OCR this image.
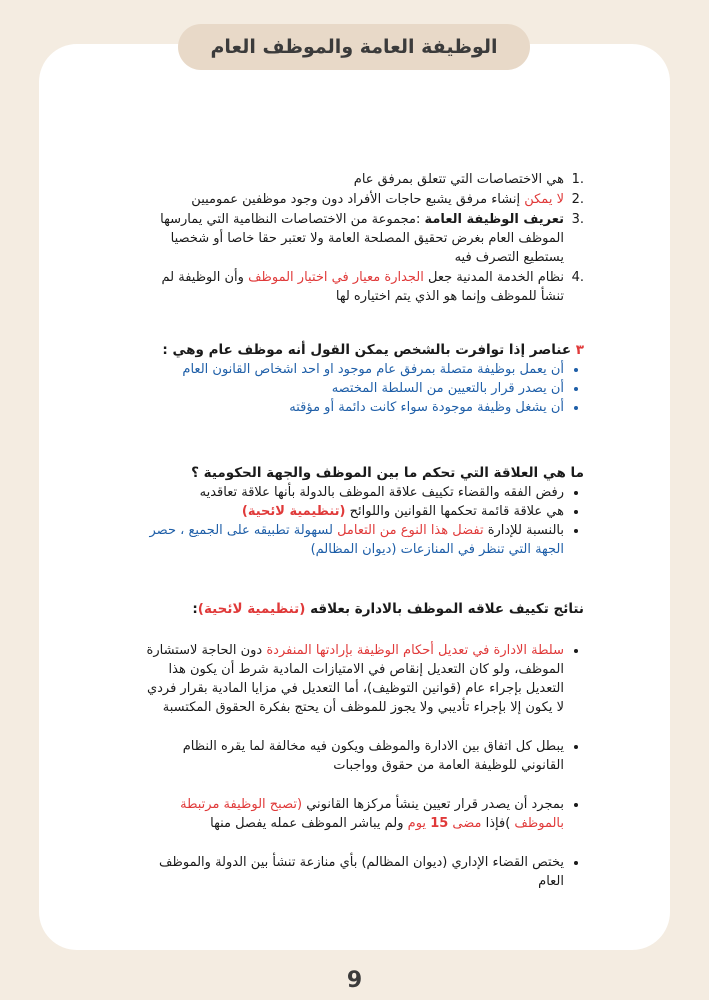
الوظيفة العامة والموظف العام
.1
هي الاختصاصات التي تتعلق بمرفق عام
.2
لا يمكن إنشاء مرفق يشبع حاجات الأفراد دون وجود موظفين عموميين
.3
تعريف الوظيفة العامة :مجموعة من الاختصاصات النظامية التي يمارسها الموظف العام بغرض تحقيق المصلحة العامة ولا تعتبر حقا خاصا أو شخصيا يستطيع التصرف فيه
.4
نظام الخدمة المدنية جعل الجدارة معيار في اختيار الموظف وأن الوظيفة لم تنشأ للموظف وإنما هو الذي يتم اختياره لها
٣ عناصر إذا توافرت بالشخص يمكن القول أنه موظف عام وهي :
• أن يعمل بوظيفة متصلة بمرفق عام موجود او احد اشخاص القانون العام
• أن يصدر قرار بالتعيين من السلطة المختصه
• أن يشغل وظيفة موجودة سواء كانت دائمة أو مؤقته
ما هي العلاقة التي تحكم ما بين الموظف والجهة الحكومية ؟
• رفض الفقه والقضاء تكييف علاقة الموظف بالدولة بأنها علاقة تعاقديه
• هي علاقة قائمة تحكمها القوانين واللوائح (تنظيمية لائحية)
• بالنسبة للإدارة تفضل هذا النوع من التعامل لسهولة تطبيقه على الجميع ، حصر الجهة التي تنظر في المنازعات (ديوان المظالم)
نتائج تكييف علاقه الموظف بالادارة بعلاقه (تنظيمية لائحية):
• سلطة الادارة في تعديل أحكام الوظيفة بإرادتها المنفردة دون الحاجة لاستشارة الموظف، ولو كان التعديل إنقاص في الامتيازات المادية شرط أن يكون هذا التعديل بإجراء عام (قوانين التوظيف)، أما التعديل في مزايا المادية بقرار فردي لا يكون إلا بإجراء تأديبي ولا يجوز للموظف أن يحتج بفكرة الحقوق المكتسبة
• يبطل كل اتفاق بين الادارة والموظف ويكون فيه مخالفة لما يقره النظام القانوني للوظيفة العامة من حقوق وواجبات
• بمجرد أن يصدر قرار تعيين ينشأ مركزها القانوني (تصبح الوظيفة مرتبطة بالموظف )فإذا مضى 15 يوم ولم يباشر الموظف عمله يفصل منها
• يختص القضاء الإداري (ديوان المظالم) بأي منازعة تنشأ بين الدولة والموظف العام
9
